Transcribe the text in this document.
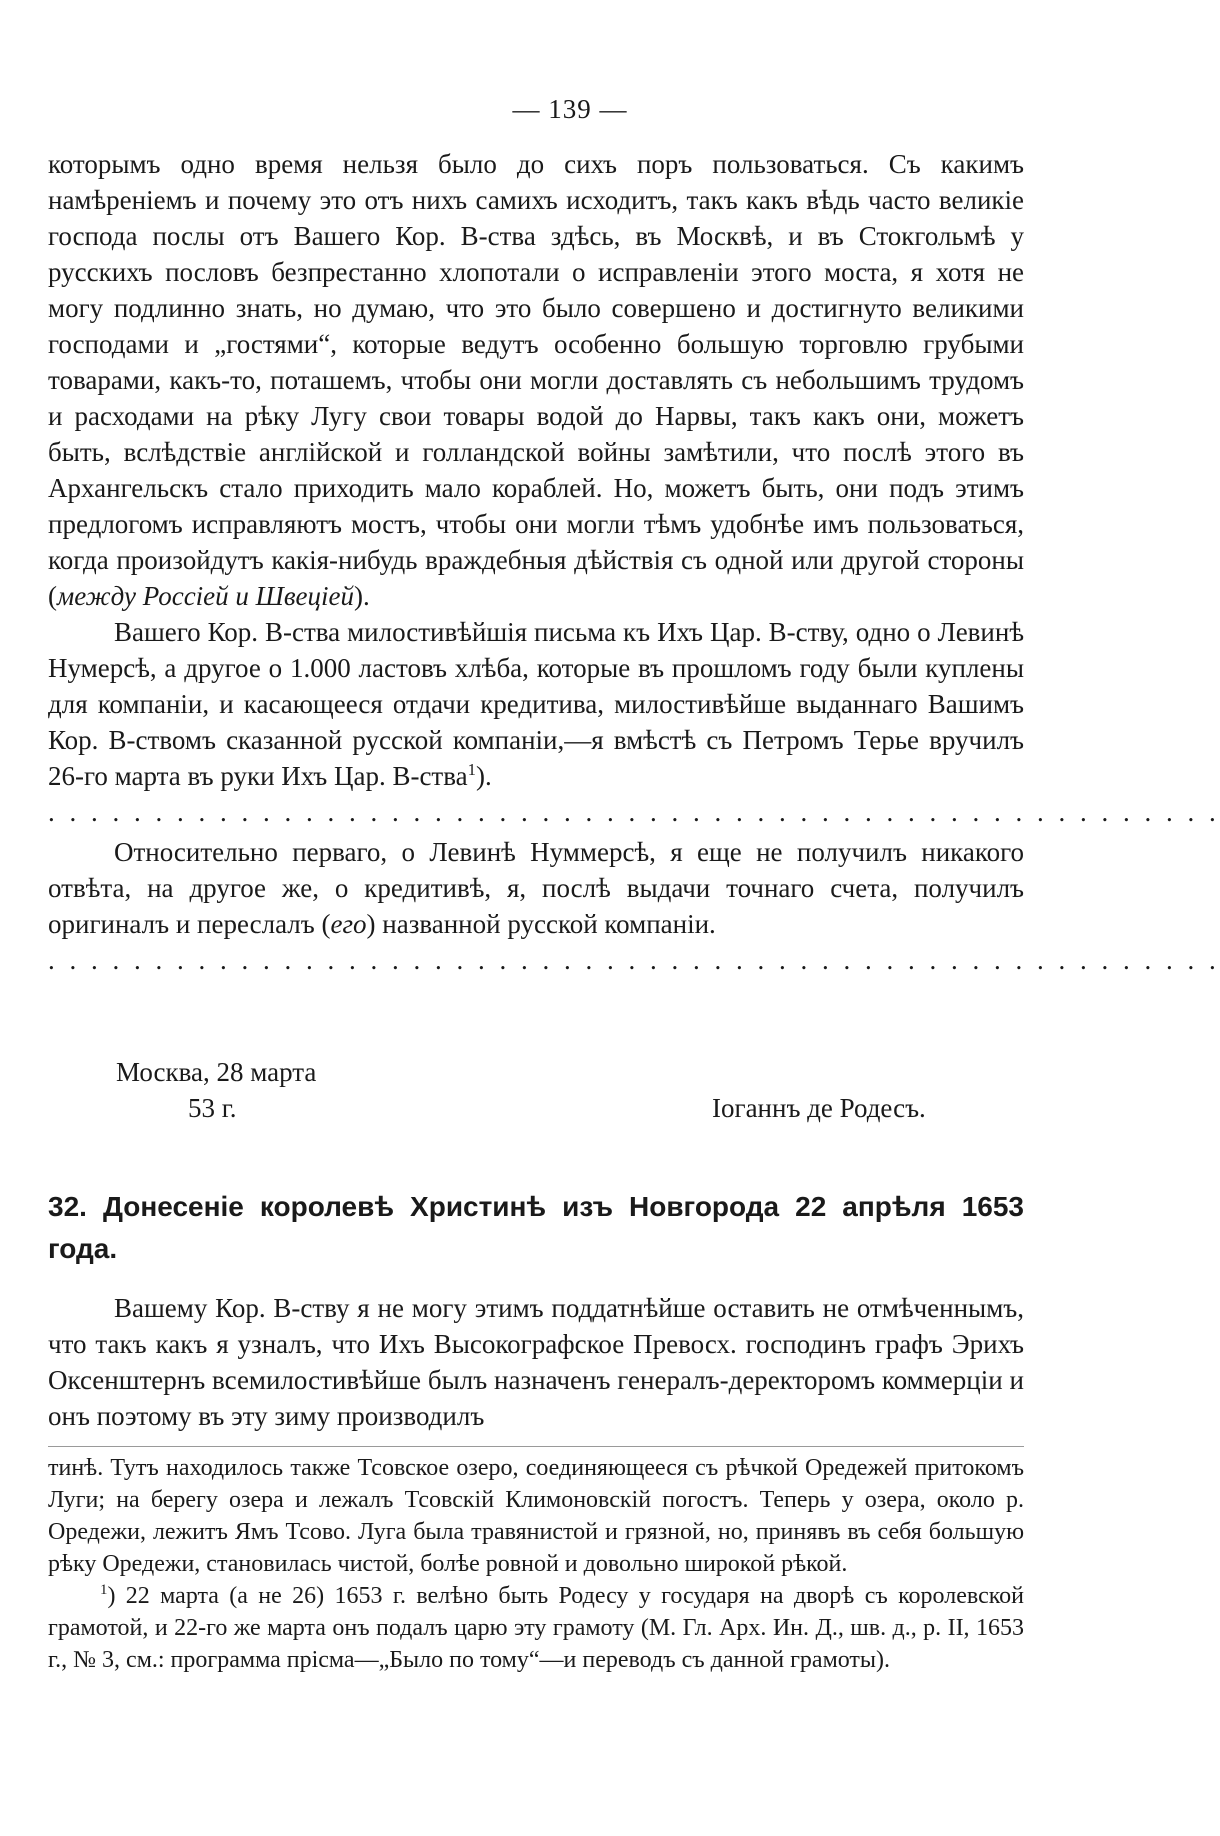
— 139 —

которымъ одно время нельзя было до сихъ поръ пользоваться. Съ какимъ намѣреніемъ и почему это отъ нихъ самихъ исходитъ, такъ какъ вѣдь часто великіе господа послы отъ Вашего Кор. В-ства здѣсь, въ Москвѣ, и въ Стокгольмѣ у русскихъ пословъ безпрестанно хлопотали о исправленіи этого моста, я хотя не могу подлинно знать, но думаю, что это было совершено и достигнуто великими господами и „гостями“, которые ведутъ особенно большую торговлю грубыми товарами, какъ-то, поташемъ, чтобы они могли доставлять съ небольшимъ трудомъ и расходами на рѣку Лугу свои товары водой до Нарвы, такъ какъ они, можетъ быть, вслѣдствіе англійской и голландской войны замѣтили, что послѣ этого въ Архангельскъ стало приходить мало кораблей. Но, можетъ быть, они подъ этимъ предлогомъ исправляютъ мостъ, чтобы они могли тѣмъ удобнѣе имъ пользоваться, когда произойдутъ какія-нибудь враждебныя дѣйствія съ одной или другой стороны (между Россіей и Швеціей).

Вашего Кор. В-ства милостивѣйшія письма къ Ихъ Цар. В-ству, одно о Левинѣ Нумерсѣ, а другое о 1.000 ластовъ хлѣба, которые въ прошломъ году были куплены для компаніи, и касающееся отдачи кредитива, милостивѣйше выданнаго Вашимъ Кор. В-ствомъ сказанной русской компаніи,—я вмѣстѣ съ Петромъ Терье вручилъ 26-го марта въ руки Ихъ Цар. В-ства$^1$).

. . . . . . . . . . . . . . . . . . . . . . . . . . . . . . . . . . . . . . . . . . . . . . . . . . . . . . .

Относительно перваго, о Левинѣ Нуммерсѣ, я еще не получилъ никакого отвѣта, на другое же, о кредитивѣ, я, послѣ выдачи точнаго счета, получилъ оригиналъ и переслалъ (его) названной русской компаніи.

. . . . . . . . . . . . . . . . . . . . . . . . . . . . . . . . . . . . . . . . . . . . . . . . . . . . . . .
Москва, 28 марта
53 г.	Іоганнъ де Родесъ.
32. Донесеніе королевѣ Христинѣ изъ Новгорода 22 апрѣля 1653 года.

Вашему Кор. В-ству я не могу этимъ поддатнѣйше оставить не отмѣченнымъ, что такъ какъ я узналъ, что Ихъ Высокографское Превосх. господинъ графъ Эрихъ Оксенштернъ всемилостивѣйше былъ назначенъ генералъ-деректоромъ коммерціи и онъ поэтому въ эту зиму производилъ

тинѣ. Тутъ находилось также Тсовское озеро, соединяющееся съ рѣчкой Оредежей притокомъ Луги; на берегу озера и лежалъ Тсовскій Климоновскій погостъ. Теперь у озера, около р. Оредежи, лежитъ Ямъ Тсово. Луга была травянистой и грязной, но, принявъ въ себя большую рѣку Оредежи, становилась чистой, болѣе ровной и довольно широкой рѣкой.

$^1$) 22 марта (а не 26) 1653 г. велѣно быть Родесу у государя на дворѣ съ королевской грамотой, и 22-го же марта онъ подалъ царю эту грамоту (М. Гл. Арх. Ин. Д., шв. д., р. II, 1653 г., № 3, см.: программа прісма—„Было по тому“—и переводъ съ данной грамоты).
